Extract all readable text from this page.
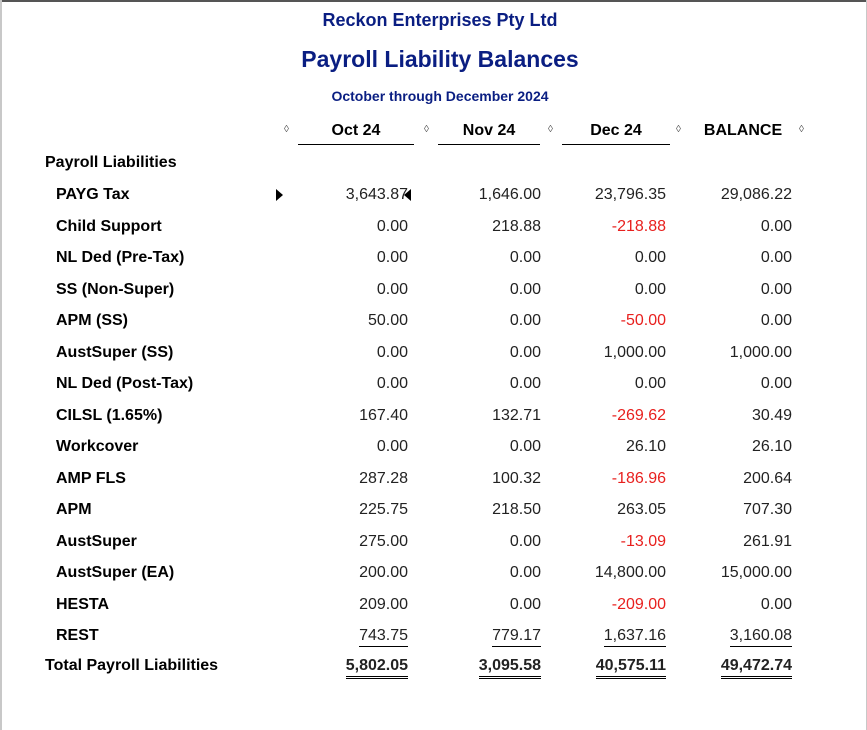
Reckon Enterprises Pty Ltd
Payroll Liability Balances
October through December 2024
◊	Oct 24	◊	Nov 24	◊	Dec 24	◊	BALANCE	◊
Payroll Liabilities
PAYG Tax	3,643.87	1,646.00	23,796.35	29,086.22
Child Support	0.00	218.88	-218.88	0.00
NL Ded (Pre-Tax)	0.00	0.00	0.00	0.00
SS (Non-Super)	0.00	0.00	0.00	0.00
APM (SS)	50.00	0.00	-50.00	0.00
AustSuper (SS)	0.00	0.00	1,000.00	1,000.00
NL Ded (Post-Tax)	0.00	0.00	0.00	0.00
CILSL (1.65%)	167.40	132.71	-269.62	30.49
Workcover	0.00	0.00	26.10	26.10
AMP FLS	287.28	100.32	-186.96	200.64
APM	225.75	218.50	263.05	707.30
AustSuper	275.00	0.00	-13.09	261.91
AustSuper (EA)	200.00	0.00	14,800.00	15,000.00
HESTA	209.00	0.00	-209.00	0.00
REST	743.75	779.17	1,637.16	3,160.08
Total Payroll Liabilities	5,802.05	3,095.58	40,575.11	49,472.74
